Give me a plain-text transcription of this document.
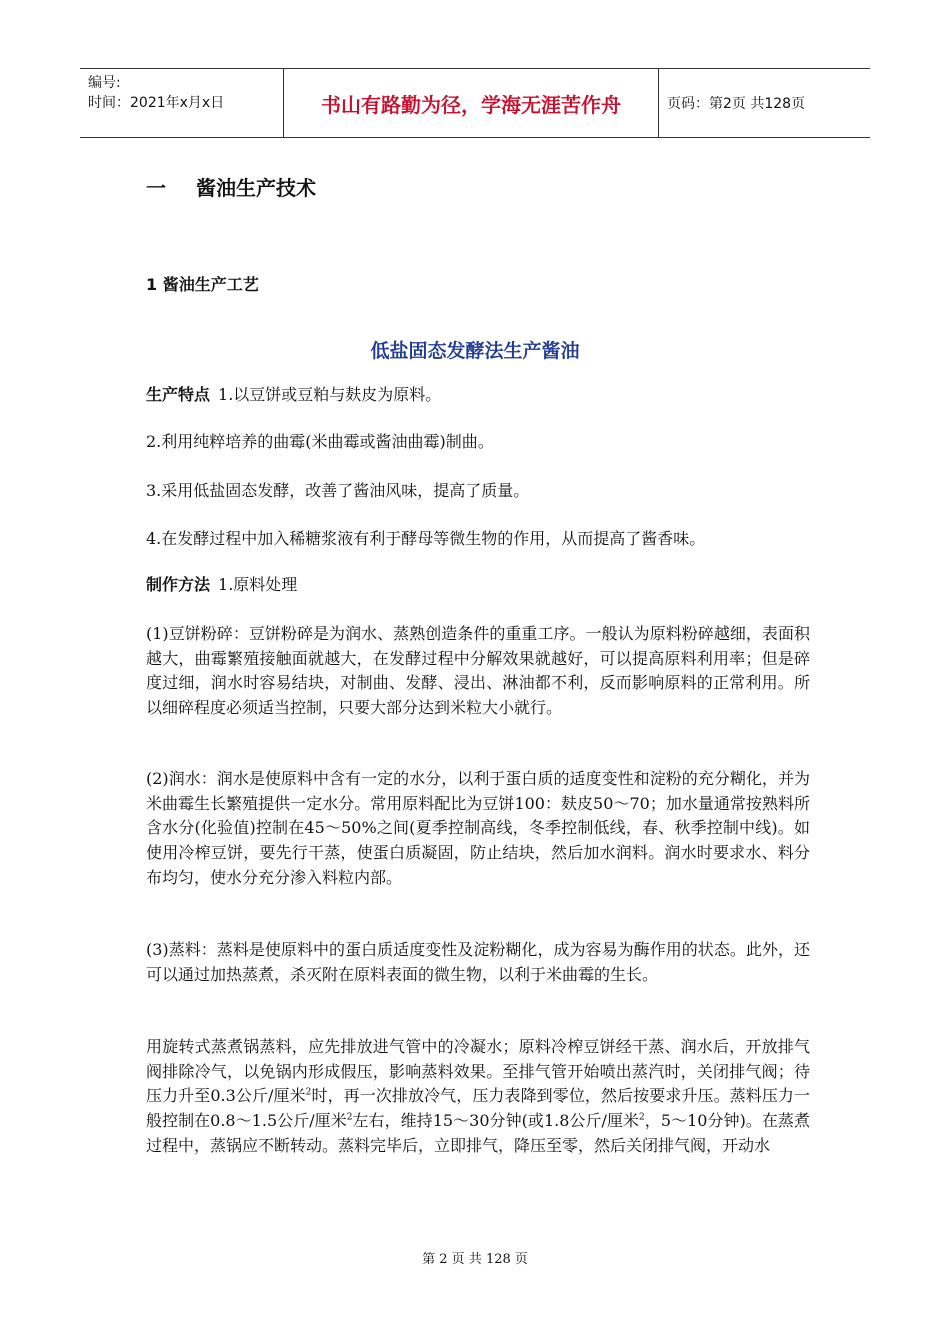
编号:
时间：2021年x月x日	书山有路勤为径，学海无涯苦作舟	页码：第2页 共128页
一 酱油生产技术
1 酱油生产工艺
低盐固态发酵法生产酱油

生产特点 1.以豆饼或豆粕与麸皮为原料。

2.利用纯粹培养的曲霉(米曲霉或酱油曲霉)制曲。

3.采用低盐固态发酵，改善了酱油风味，提高了质量。

4.在发酵过程中加入稀糖浆液有利于酵母等微生物的作用，从而提高了酱香味。

制作方法 1.原料处理

(1)豆饼粉碎：豆饼粉碎是为润水、蒸熟创造条件的重重工序。一般认为原料粉碎越细，表面积越大，曲霉繁殖接触面就越大，在发酵过程中分解效果就越好，可以提高原料利用率；但是碎度过细，润水时容易结块，对制曲、发酵、浸出、淋油都不利，反而影响原料的正常利用。所以细碎程度必须适当控制，只要大部分达到米粒大小就行。

(2)润水：润水是使原料中含有一定的水分，以利于蛋白质的适度变性和淀粉的充分糊化，并为米曲霉生长繁殖提供一定水分。常用原料配比为豆饼100：麸皮50～70；加水量通常按熟料所含水分(化验值)控制在45～50%之间(夏季控制高线，冬季控制低线，春、秋季控制中线)。如使用冷榨豆饼，要先行干蒸，使蛋白质凝固，防止结块，然后加水润料。润水时要求水、料分布均匀，使水分充分渗入料粒内部。

(3)蒸料：蒸料是使原料中的蛋白质适度变性及淀粉糊化，成为容易为酶作用的状态。此外，还可以通过加热蒸煮，杀灭附在原料表面的微生物，以利于米曲霉的生长。

用旋转式蒸煮锅蒸料，应先排放进气管中的冷凝水；原料冷榨豆饼经干蒸、润水后，开放排气阀排除冷气，以免锅内形成假压，影响蒸料效果。至排气管开始喷出蒸汽时，关闭排气阀；待压力升至0.3公斤/厘米$^2$时，再一次排放冷气，压力表降到零位，然后按要求升压。蒸料压力一般控制在0.8～1.5公斤/厘米$^2$左右，维持15～30分钟(或1.8公斤/厘米$^2$，5～10分钟)。在蒸煮过程中，蒸锅应不断转动。蒸料完毕后，立即排气，降压至零，然后关闭排气阀，开动水

第 2 页 共 128 页
